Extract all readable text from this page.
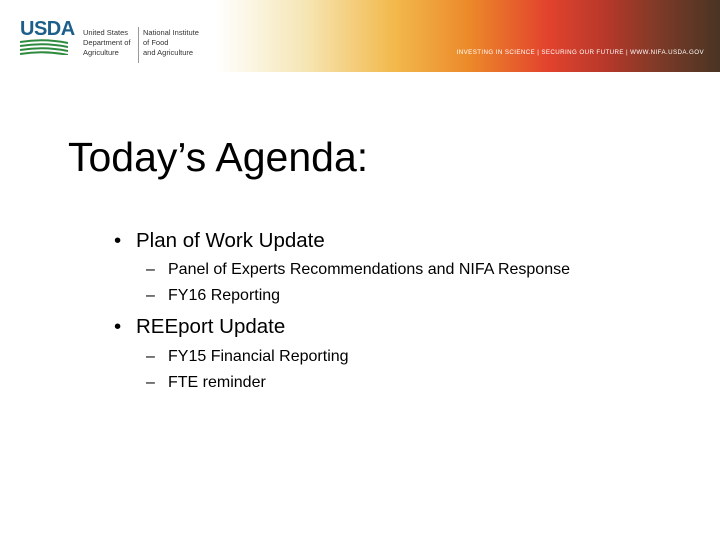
USDA United States
Department of
Agriculture
National Institute
of Food
and Agriculture	INVESTING IN SCIENCE | SECURING OUR FUTURE | WWW.NIFA.USDA.GOV
Today’s Agenda:
• Plan of Work Update
– Panel of Experts Recommendations and NIFA Response
– FY16 Reporting
• REEport Update
– FY15 Financial Reporting
– FTE reminder
